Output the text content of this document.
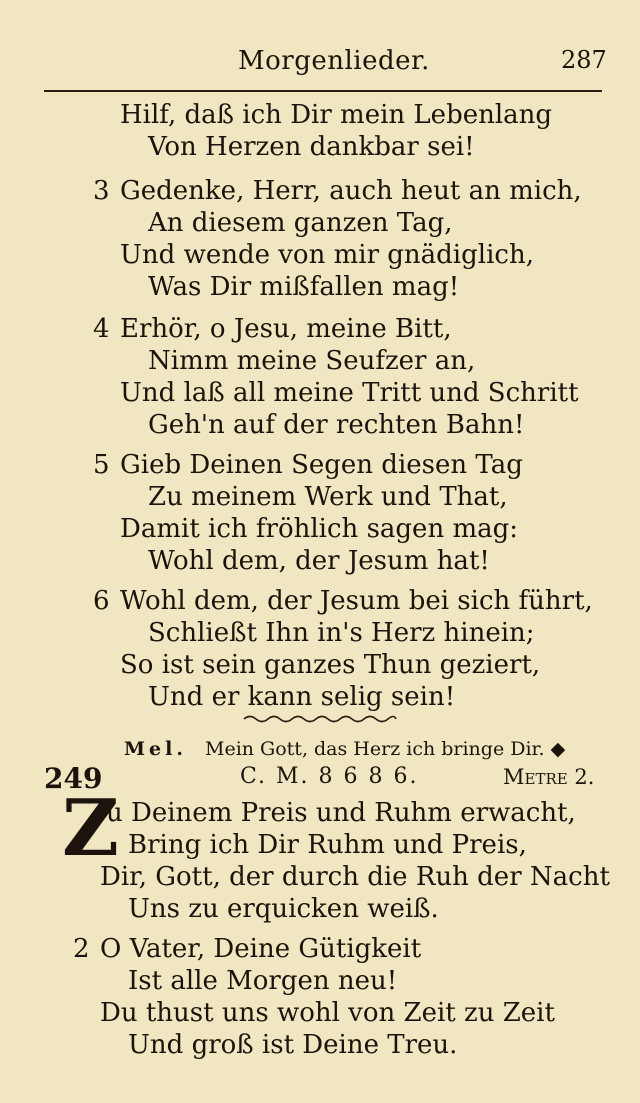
Morgenlieder.	287
Hilf, daß ich Dir mein Lebenlang
Von Herzen dankbar sei!
3 Gedenke, Herr, auch heut an mich,
An diesem ganzen Tag,
Und wende von mir gnädiglich,
Was Dir mißfallen mag!
4 Erhör, o Jesu, meine Bitt,
Nimm meine Seufzer an,
Und laß all meine Tritt und Schritt
Geh'n auf der rechten Bahn!
5 Gieb Deinen Segen diesen Tag
Zu meinem Werk und That,
Damit ich fröhlich sagen mag:
Wohl dem, der Jesum hat!
6 Wohl dem, der Jesum bei sich führt,
Schließt Ihn in's Herz hinein;
So ist sein ganzes Thun geziert,
Und er kann selig sein!
Mel. Mein Gott, das Herz ich bringe Dir. ◆
249	C. M. 8 6 8 6.	Metre 2.
Z
u Deinem Preis und Ruhm erwacht,
Bring ich Dir Ruhm und Preis,
Dir, Gott, der durch die Ruh der Nacht
Uns zu erquicken weiß.
2 O Vater, Deine Gütigkeit
Ist alle Morgen neu!
Du thust uns wohl von Zeit zu Zeit
Und groß ist Deine Treu.
